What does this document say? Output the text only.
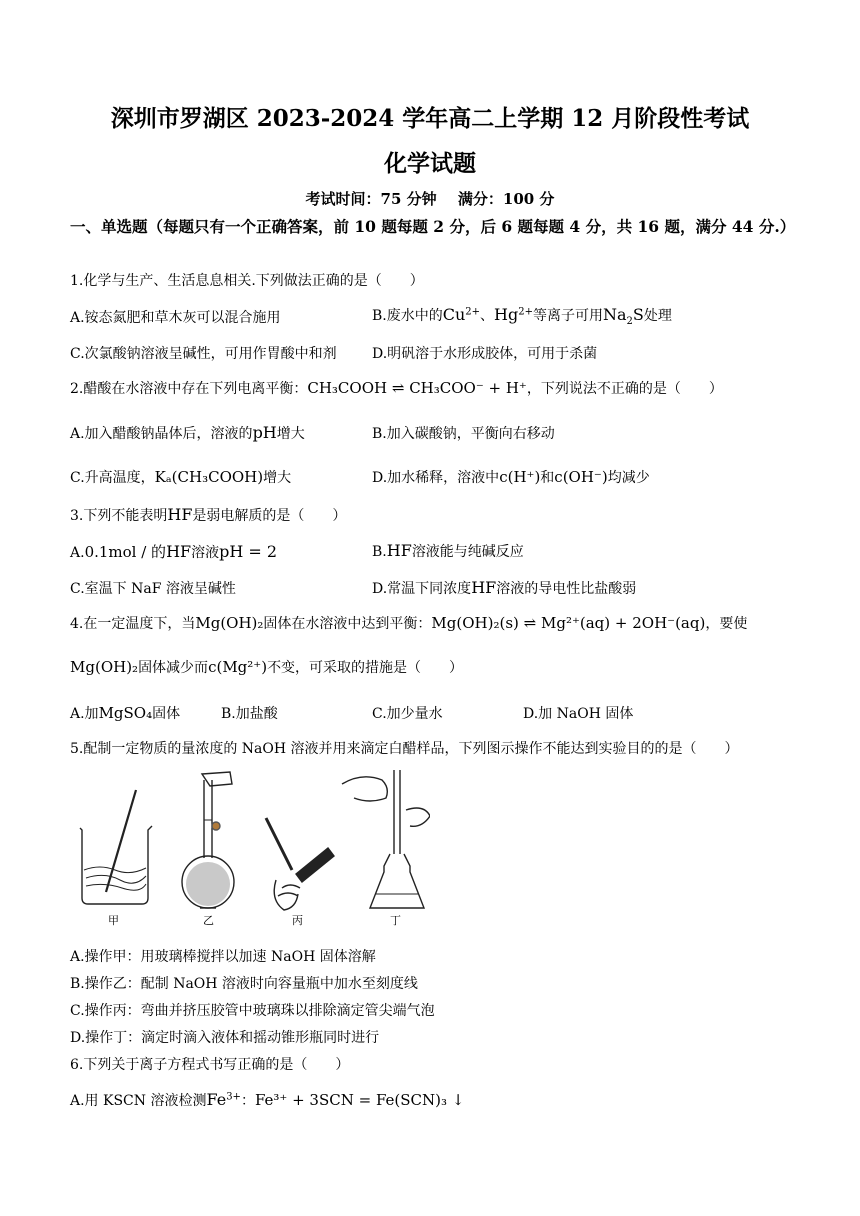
深圳市罗湖区 2023-2024 学年高二上学期 12 月阶段性考试
化学试题
考试时间：75 分钟 满分：100 分
一、单选题（每题只有一个正确答案，前 10 题每题 2 分，后 6 题每题 4 分，共 16 题，满分 44 分.）
1.化学与生产、生活息息相关.下列做法正确的是（　　）
A.铵态氮肥和草木灰可以混合施用	B.废水中的$Cu^{2+}$、$Hg^{2+}$等离子可用$Na_2S$处理
C.次氯酸钠溶液呈碱性，可用作胃酸中和剂	D.明矾溶于水形成胶体，可用于杀菌
2.醋酸在水溶液中存在下列电离平衡：CH₃COOH ⇌ CH₃COO⁻ + H⁺，下列说法不正确的是（　　）
A.加入醋酸钠晶体后，溶液的pH增大	B.加入碳酸钠，平衡向右移动
C.升高温度，Kₐ(CH₃COOH)增大	D.加水稀释，溶液中c(H⁺)和c(OH⁻)均减少
3.下列不能表明HF是弱电解质的是（　　）
A.0.1mol / 的HF溶液pH = 2	B.HF溶液能与纯碱反应
C.室温下 NaF 溶液呈碱性	D.常温下同浓度HF溶液的导电性比盐酸弱
4.在一定温度下，当Mg(OH)₂固体在水溶液中达到平衡：Mg(OH)₂(s) ⇌ Mg²⁺(aq) + 2OH⁻(aq)，要使
Mg(OH)₂固体减少而c(Mg²⁺)不变，可采取的措施是（　　）
A.加MgSO₄固体	B.加盐酸	C.加少量水	D.加 NaOH 固体
5.配制一定物质的量浓度的 NaOH 溶液并用来滴定白醋样品，下列图示操作不能达到实验目的的是（　　）
甲	乙	丙	丁
A.操作甲：用玻璃棒搅拌以加速 NaOH 固体溶解
B.操作乙：配制 NaOH 溶液时向容量瓶中加水至刻度线
C.操作丙：弯曲并挤压胶管中玻璃珠以排除滴定管尖端气泡
D.操作丁：滴定时滴入液体和摇动锥形瓶同时进行
6.下列关于离子方程式书写正确的是（　　）
A.用 KSCN 溶液检测$Fe^{3+}$：Fe³⁺ + 3SCN = Fe(SCN)₃ ↓
